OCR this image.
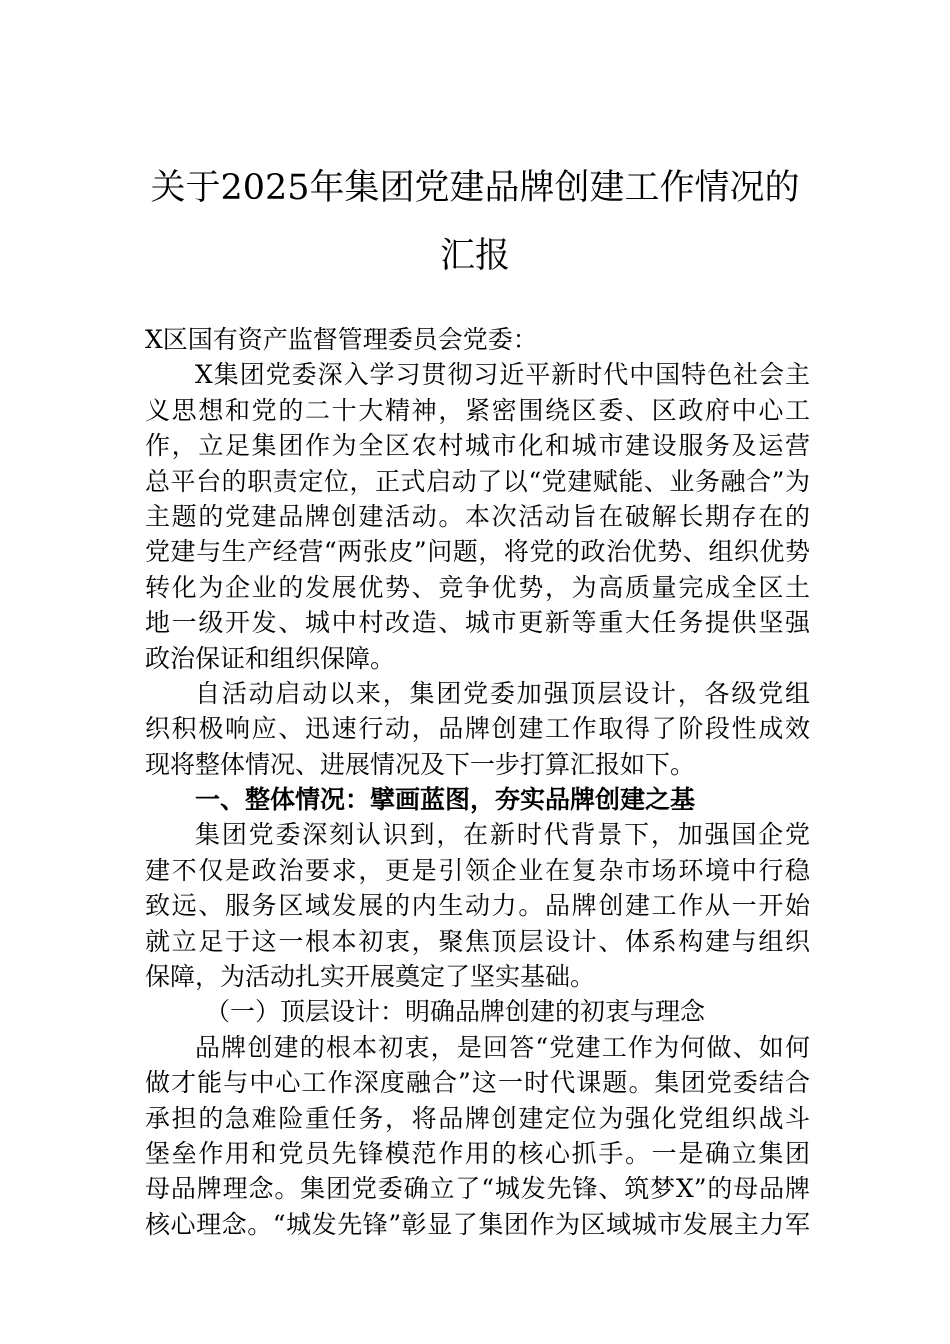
关于2025年集团党建品牌创建工作情况的
汇报
X区国有资产监督管理委员会党委：
X集团党委深入学习贯彻习近平新时代中国特色社会主
义思想和党的二十大精神，紧密围绕区委、区政府中心工
作，立足集团作为全区农村城市化和城市建设服务及运营
总平台的职责定位，正式启动了以“党建赋能、业务融合”为
主题的党建品牌创建活动。本次活动旨在破解长期存在的
党建与生产经营“两张皮”问题，将党的政治优势、组织优势
转化为企业的发展优势、竞争优势，为高质量完成全区土
地一级开发、城中村改造、城市更新等重大任务提供坚强
政治保证和组织保障。
自活动启动以来，集团党委加强顶层设计，各级党组
织积极响应、迅速行动，品牌创建工作取得了阶段性成效
现将整体情况、进展情况及下一步打算汇报如下。
一、整体情况：擘画蓝图，夯实品牌创建之基
集团党委深刻认识到，在新时代背景下，加强国企党
建不仅是政治要求，更是引领企业在复杂市场环境中行稳
致远、服务区域发展的内生动力。品牌创建工作从一开始
就立足于这一根本初衷，聚焦顶层设计、体系构建与组织
保障，为活动扎实开展奠定了坚实基础。
（一）顶层设计：明确品牌创建的初衷与理念
品牌创建的根本初衷，是回答“党建工作为何做、如何
做才能与中心工作深度融合”这一时代课题。集团党委结合
承担的急难险重任务，将品牌创建定位为强化党组织战斗
堡垒作用和党员先锋模范作用的核心抓手。一是确立集团
母品牌理念。集团党委确立了“城发先锋、筑梦X”的母品牌
核心理念。“城发先锋”彰显了集团作为区域城市发展主力军
